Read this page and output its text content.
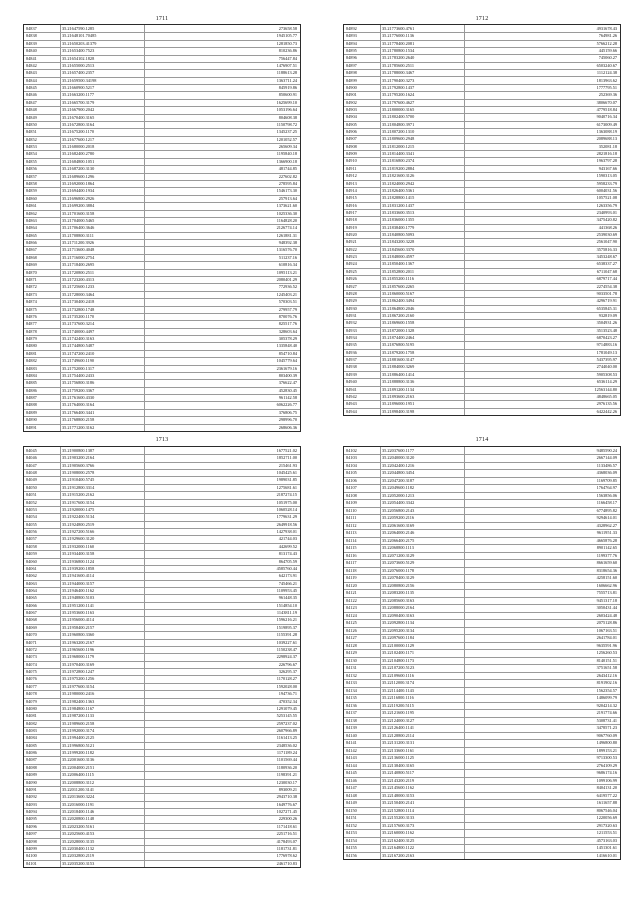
1711
84837	35.21647590.1285	273658.58
84838	35.21648101.70485	1945105.77
84839	35.21650203.41379	1281850.73
84840	35.21653400.7523	810236.86
84841	35.21654102.1828	756447.84
84842	35.21655000.2513	1476907.51
84843	35.21657400.2357	1188613.28
84844	35.21659500.34198	1363711.24
84845	35.21660900.5217	845919.86
84846	35.21663200.1177	850600.91
84847	35.21665700.3179	1625699.10
84848	35.21667900.2042	1053196.64
84849	35.21670400.3165	804608.38
84850	35.21672800.3164	1150798.72
84851	35.21675200.1170	1345237.25
84852	35.21677600.1217	1201052.57
84853	35.21680000.2018	265609.34
84854	35.21682400.2780	1195840.18
84855	35.21684800.1051	1366900.18
84856	35.21687200.3130	481744.85
84857	35.21689600.1296	227602.82
84858	35.21692000.1864	278595.84
84859	35.21694400.1934	1546173.30
84860	35.21696800.2926	257913.64
84861	35.21699200.3884	1373621.60
84862	35.21701600.3158	1025336.30
84863	35.21704000.5465	1164828.20
84864	35.21706400.3646	2126774.14
84865	35.21708800.3111	1261881.31
84866	35.21711200.3926	948392.38
84867	35.21713600.4048	1316576.70
84868	35.21716000.2754	511237.16
84869	35.21718400.2695	610816.34
84870	35.21720800.2511	1095113.21
84871	35.21723200.4313	2080401.29
84872	35.21725600.1233	772936.52
84873	35.21728000.3464	1245403.21
84874	35.21730400.2418	570303.51
84875	35.21732800.1748	279957.79
84876	35.21735200.1170	870076.76
84877	35.21737600.3214	825517.76
84878	35.21740000.4497	328603.64
84879	35.21742400.3163	305378.29
84880	35.21744800.5487	1335848.40
84881	35.21747200.2410	854710.84
84882	35.21749600.1190	1045779.64
84883	35.21752000.1317	2361679.16
84884	35.21754400.2433	803400.39
84885	35.21756800.3186	376622.47
84886	35.21759200.3367	452830.45
84887	35.21761600.4330	961142.58
84888	35.21764000.3164	6062226.77
84889	35.21766400.3441	376806.75
84890	35.21768800.2158	298996.70
84891	35.21771200.3162	268606.36
1712
84892	35.21773600.4761	4931678.43
84893	35.21776000.1136	764981.26
84894	35.21778400.2081	5766212.28
84895	35.21780800.1534	445159.66
84896	35.21783200.2640	745060.27
84897	35.21785600.2511	6503240.67
84898	35.21788000.3467	1112124.38
84899	35.21790400.3273	1813963.62
84900	35.21792800.1437	1777795.51
84901	35.21795200.1624	252369.36
84902	35.21797600.4627	3806670.07
84903	35.21800000.3165	4779518.84
84904	35.21802400.5700	9040716.34
84905	35.21804800.3971	6173009.49
84906	35.21807200.1310	1363088.19
84907	35.21809600.2948	2089688.13
84908	35.21812000.1215	352081.18
84909	35.21814400.3341	2821816.18
84910	35.21816800.2374	1963797.28
84911	35.21819200.2884	943167.66
84912	35.21821600.3126	1590313.05
84913	35.21824000.2942	5958233.79
84914	35.21826400.5361	6004031.56
84915	35.21828800.1415	1057521.08
84916	35.21831200.1437	1263356.79
84917	35.21833600.3513	2340993.01
84918	35.21836000.1355	3475420.82
84919	35.21838400.1779	441368.26
84920	35.21840800.5093	2539030.69
84921	35.21843200.3228	2561047.90
84922	35.21845600.3370	3575816.33
84923	35.21848000.4597	3453248.67
84924	35.21850400.1367	6538337.27
84925	35.21852800.2011	6711047.68
84926	35.21855200.1116	6879717.44
84927	35.21857600.2265	2274554.38
84928	35.21860000.5167	9033501.78
84929	35.21862400.3494	4296719.91
84930	35.21864800.2046	6535845.31
84931	35.21867200.2160	932819.09
84932	35.21869600.1558	3504931.26
84933	35.21872000.1328	3513523.48
84934	35.21874400.2464	6870423.27
84935	35.21876800.5195	9714883.16
84936	35.21879200.1758	1781049.13
84937	35.21881600.3147	5437395.97
84938	35.21884000.3269	2744040.00
84939	35.21886400.1414	5905308.53
84940	35.21888800.3136	6536114.29
84941	35.21891200.1134	12563144.80
84942	35.21893600.2163	4848665.05
84943	35.21896000.1951	2976135.56
84944	35.21898400.3198	6422442.26
1713
84045	35.21900800.1387	1677521.02
84046	35.21903200.2164	1852711.00
84047	35.21905600.3766	215461.93
84048	35.21908000.2578	1045425.61
84049	35.21910400.5745	1989031.85
84050	35.21912800.3314	1275681.61
84051	35.21915200.2162	2187274.15
84052	35.21917600.3154	1051975.00
84053	35.21920000.1475	1060528.14
84054	35.21922400.5134	1779631.29
84055	35.21924800.2519	2649918.56
84056	35.21927200.5166	1427938.01
84057	35.21929600.3120	421744.03
84058	35.21932000.1160	442699.52
84059	35.21934400.3158	813174.43
84060	35.21936800.1124	864705.59
84061	35.21939200.1858	4585760.44
84062	35.21941600.4114	642173.91
84063	35.21944000.3157	745466.21
84064	35.21946400.1162	1109953.45
84065	35.21948800.5103	961448.35
84066	35.21951200.1141	1514854.10
84067	35.21953600.1163	1143811.19
84068	35.21956000.4114	1596216.21
84069	35.21958400.2157	1519895.37
84070	35.21960800.3360	1155391.28
84071	35.21963200.2167	1039227.61
84072	35.21965600.1196	1150238.47
84073	35.21968000.1179	2298924.37
84074	35.21970400.3169	226796.67
84075	35.21972800.1247	326295.37
84076	35.21975200.1256	1170128.27
84077	35.21977600.3154	1592028.00
84078	35.21980000.2416	194736.71
84079	35.21982400.1363	470352.34
84080	35.21984800.1167	1291079.45
84081	35.21987200.1133	5253145.55
84082	35.21989600.2158	2597237.02
84083	35.21992000.3174	2607966.89
84084	35.21994400.2125	1161413.25
84085	35.21996800.5121	2348536.02
84086	35.21999200.1182	1171189.24
84087	35.22001600.3136	1101569.44
84088	35.22004000.2151	1180936.20
84089	35.22006400.1115	1198391.21
84090	35.22008800.3112	1230030.17
84091	35.22011200.3141	893009.21
84092	35.22013600.3224	2943710.38
84093	35.22016000.1191	1649776.67
84094	35.22018400.1146	1027271.45
84095	35.22020800.1148	229300.26
84096	35.22023200.5161	1171418.61
84097	35.22025600.4153	2251716.51
84098	35.22028000.3135	4178493.07
84099	35.22030400.1132	1181731.81
84100	35.22032800.2119	1776978.62
84101	35.22035200.3153	2461710.83
1714
84102	35.22037600.1177	9485590.24
84103	35.22040000.3120	2667144.09
84104	35.22042400.1216	1133486.57
84105	35.22044800.3454	4368036.09
84106	35.22047200.3187	1169709.85
84107	35.22049600.1182	1764764.97
84108	35.22052000.1213	1563856.06
84109	35.22054400.3342	1166458.17
84110	35.22056800.2143	6774895.82
84111	35.22059200.2116	9294614.01
84112	35.22061600.3169	4328962.27
84113	35.22064000.2146	9611951.33
84114	35.22066400.2175	4665876.28
84115	35.22068800.1113	8901142.65
84116	35.22071200.3129	1199377.76
84117	35.22073600.5129	8661659.60
84118	35.22076000.1178	8318654.36
84119	35.22078400.3129	4258151.60
84120	35.22080800.2156	1606662.96
84121	35.22083200.1135	7555713.81
84122	35.22085600.3163	9451317.18
84123	35.22088000.2164	3050431.44
84124	35.22090400.3163	2603424.48
84125	35.22092800.1134	2075128.86
84126	35.22095200.3134	1067163.51
84127	35.22097600.1184	2641784.01
84128	35.22100000.1129	9635591.96
84129	35.22102400.1171	1256260.53
84130	35.22104800.1173	8140151.51
84131	35.22107200.5123	3751651.58
84132	35.22109600.1116	2643412.16
84133	35.22112000.3174	8191902.16
84134	35.22114400.1143	1562354.57
84135	35.22116800.1116	1486099.79
84136	35.22119200.5115	9204214.32
84137	35.22121600.1195	2191774.66
84138	35.22124000.3127	5308731.41
84139	35.22126400.1141	3478571.23
84140	35.22128800.2114	9067760.09
84141	35.22131200.3131	1496800.80
84142	35.22133600.1161	1899153.21
84143	35.22136000.1125	9713300.53
84144	35.22138400.3165	2764109.29
84145	35.22140800.5117	9686174.16
84146	35.22143200.2119	1099106.99
84147	35.22145600.1162	8404131.20
84148	35.22148000.3153	6419577.22
84149	35.22150400.2141	1611657.88
84150	35.22152800.1114	8067546.04
84151	35.22155200.3133	1220056.69
84152	35.22157600.3173	2917320.63
84153	35.22160000.1162	1211553.51
84154	35.22162400.3125	4573163.03
84155	35.22164800.1122	1451301.61
84156	35.22167200.2163	1416610.01
